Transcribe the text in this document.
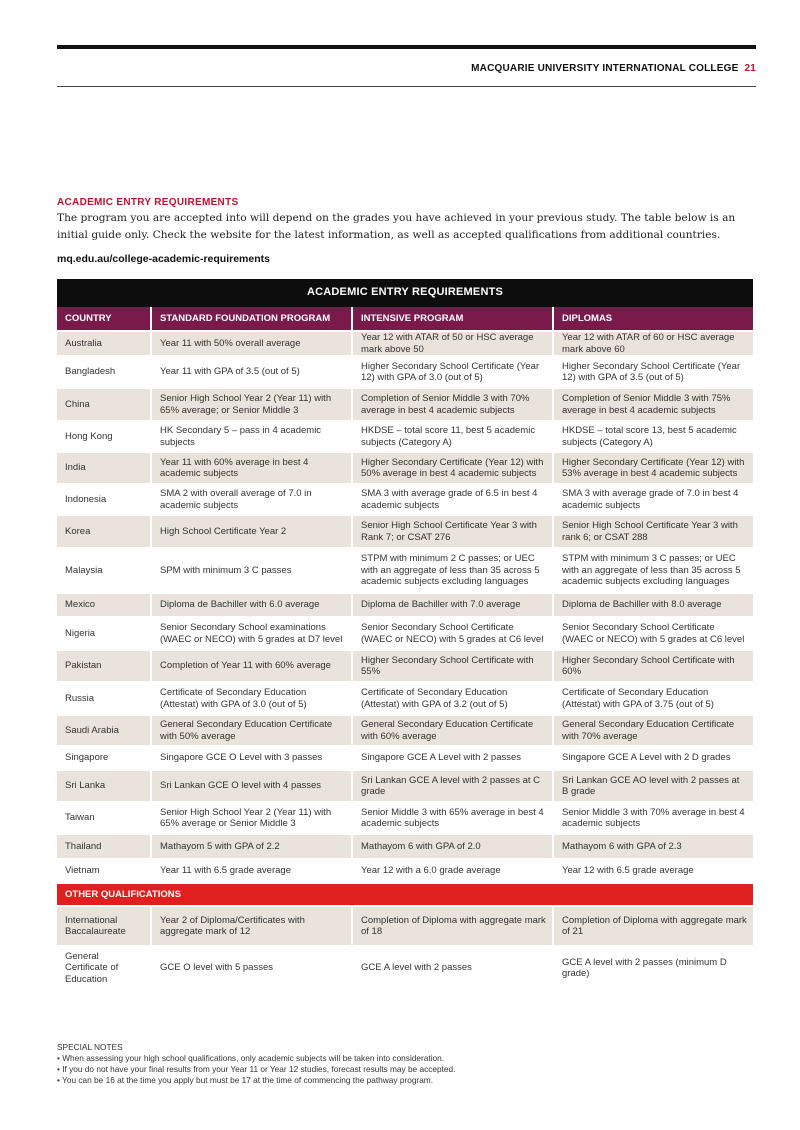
MACQUARIE UNIVERSITY INTERNATIONAL COLLEGE 21

ACADEMIC ENTRY REQUIREMENTS

The program you are accepted into will depend on the grades you have achieved in your previous study. The table below is an initial guide only. Check the website for the latest information, as well as accepted qualifications from additional countries.

mq.edu.au/college-academic-requirements
ACADEMIC ENTRY REQUIREMENTS			
COUNTRY	STANDARD FOUNDATION PROGRAM	INTENSIVE PROGRAM	DIPLOMAS
Australia	Year 11 with 50% overall average	Year 12 with ATAR of 50 or HSC average mark above 50	Year 12 with ATAR of 60 or HSC average mark above 60
Bangladesh	Year 11 with GPA of 3.5 (out of 5)	Higher Secondary School Certificate (Year 12) with GPA of 3.0 (out of 5)	Higher Secondary School Certificate (Year 12) with GPA of 3.5 (out of 5)
China	Senior High School Year 2 (Year 11) with 65% average; or Senior Middle 3	Completion of Senior Middle 3 with 70% average in best 4 academic subjects	Completion of Senior Middle 3 with 75% average in best 4 academic subjects
Hong Kong	HK Secondary 5 – pass in 4 academic subjects	HKDSE – total score 11, best 5 academic subjects (Category A)	HKDSE – total score 13, best 5 academic subjects (Category A)
India	Year 11 with 60% average in best 4 academic subjects	Higher Secondary Certificate (Year 12) with 50% average in best 4 academic subjects	Higher Secondary Certificate (Year 12) with 53% average in best 4 academic subjects
Indonesia	SMA 2 with overall average of 7.0 in academic subjects	SMA 3 with average grade of 6.5 in best 4 academic subjects	SMA 3 with average grade of 7.0 in best 4 academic subjects
Korea	High School Certificate Year 2	Senior High School Certificate Year 3 with Rank 7; or CSAT 276	Senior High School Certificate Year 3 with rank 6; or CSAT 288
Malaysia	SPM with minimum 3 C passes	STPM with minimum 2 C passes; or UEC with an aggregate of less than 35 across 5 academic subjects excluding languages	STPM with minimum 3 C passes; or UEC with an aggregate of less than 35 across 5 academic subjects excluding languages
Mexico	Diploma de Bachiller with 6.0 average	Diploma de Bachiller with 7.0 average	Diploma de Bachiller with 8.0 average
Nigeria	Senior Secondary School examinations (WAEC or NECO) with 5 grades at D7 level	Senior Secondary School Certificate (WAEC or NECO) with 5 grades at C6 level	Senior Secondary School Certificate (WAEC or NECO) with 5 grades at C6 level
Pakistan	Completion of Year 11 with 60% average	Higher Secondary School Certificate with 55%	Higher Secondary School Certificate with 60%
Russia	Certificate of Secondary Education (Attestat) with GPA of 3.0 (out of 5)	Certificate of Secondary Education (Attestat) with GPA of 3.2 (out of 5)	Certificate of Secondary Education (Attestat) with GPA of 3.75 (out of 5)
Saudi Arabia	General Secondary Education Certificate with 50% average	General Secondary Education Certificate with 60% average	General Secondary Education Certificate with 70% average
Singapore	Singapore GCE O Level with 3 passes	Singapore GCE A Level with 2 passes	Singapore GCE A Level with 2 D grades
Sri Lanka	Sri Lankan GCE O level with 4 passes	Sri Lankan GCE A level with 2 passes at C grade	Sri Lankan GCE AO level with 2 passes at B grade
Taiwan	Senior High School Year 2 (Year 11) with 65% average or Senior Middle 3	Senior Middle 3 with 65% average in best 4 academic subjects	Senior Middle 3 with 70% average in best 4 academic subjects
Thailand	Mathayom 5 with GPA of 2.2	Mathayom 6 with GPA of 2.0	Mathayom 6 with GPA of 2.3
Vietnam	Year 11 with 6.5 grade average	Year 12 with a 6.0 grade average	Year 12 with 6.5 grade average
OTHER QUALIFICATIONS			
International Baccalaureate	Year 2 of Diploma/Certificates with aggregate mark of 12	Completion of Diploma with aggregate mark of 18	Completion of Diploma with aggregate mark of 21
General Certificate of Education	GCE O level with 5 passes	GCE A level with 2 passes	GCE A level with 2 passes (minimum D grade)
SPECIAL NOTES
• When assessing your high school qualifications, only academic subjects will be taken into consideration.
• If you do not have your final results from your Year 11 or Year 12 studies, forecast results may be accepted.
• You can be 16 at the time you apply but must be 17 at the time of commencing the pathway program.
